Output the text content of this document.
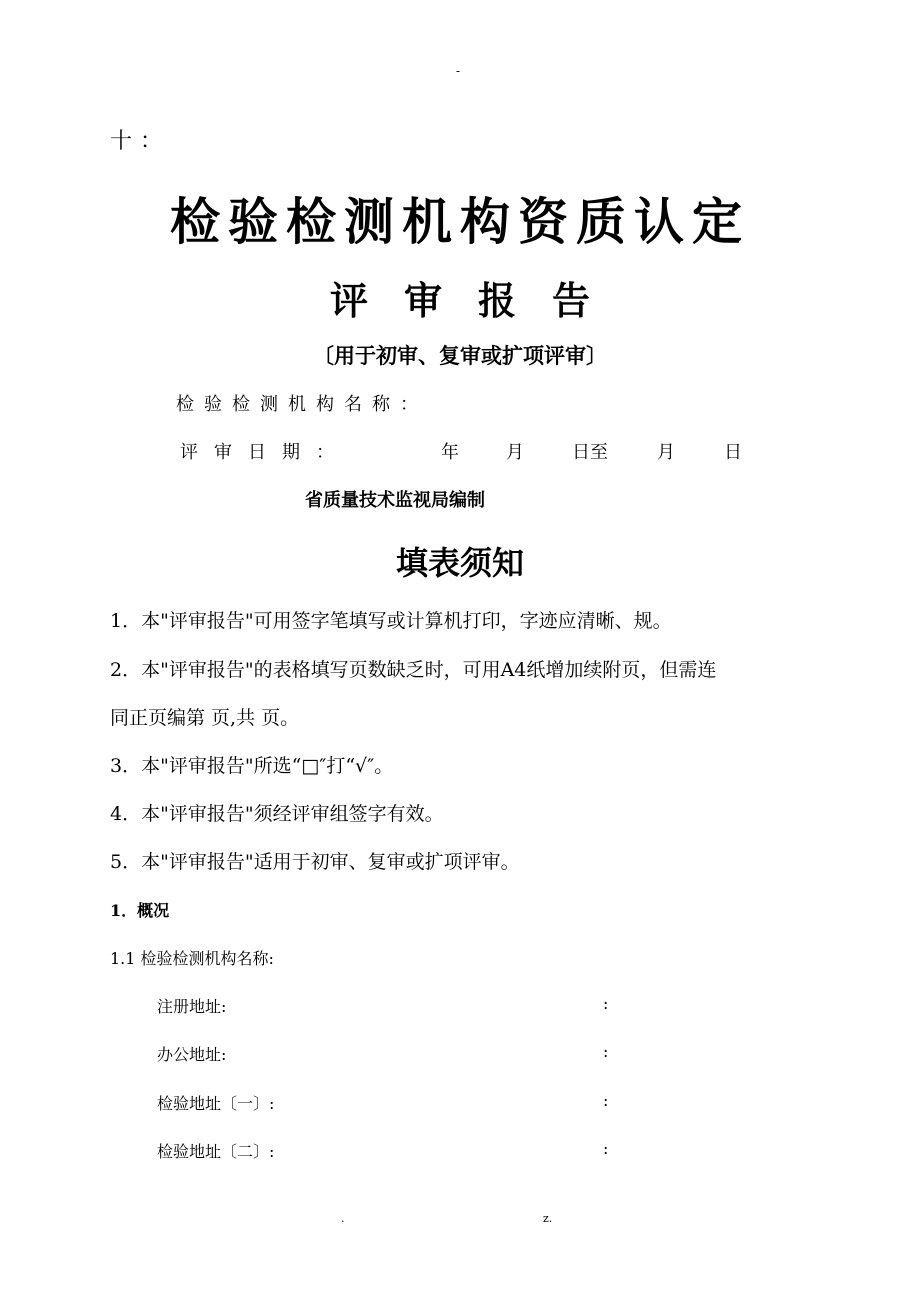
-
十：
检验检测机构资质认定
评审报告
〔用于初审、复审或扩项评审〕
检验检测机构名称：
评审日期：	年	月	日至	月	日
省质量技术监视局编制
填表须知
1．本"评审报告"可用签字笔填写或计算机打印，字迹应清晰、规。
2．本"评审报告"的表格填写页数缺乏时，可用A4纸增加续附页，但需连
同正页编第 页,共 页。
3．本"评审报告"所选“□″打“√″。
4．本"评审报告"须经评审组签字有效。
5．本"评审报告"适用于初审、复审或扩项评审。
1．概况
1.1 检验检测机构名称:
注册地址:	:
办公地址:	:
检验地址〔一〕:	:
检验地址〔二〕:	:
.	z.
